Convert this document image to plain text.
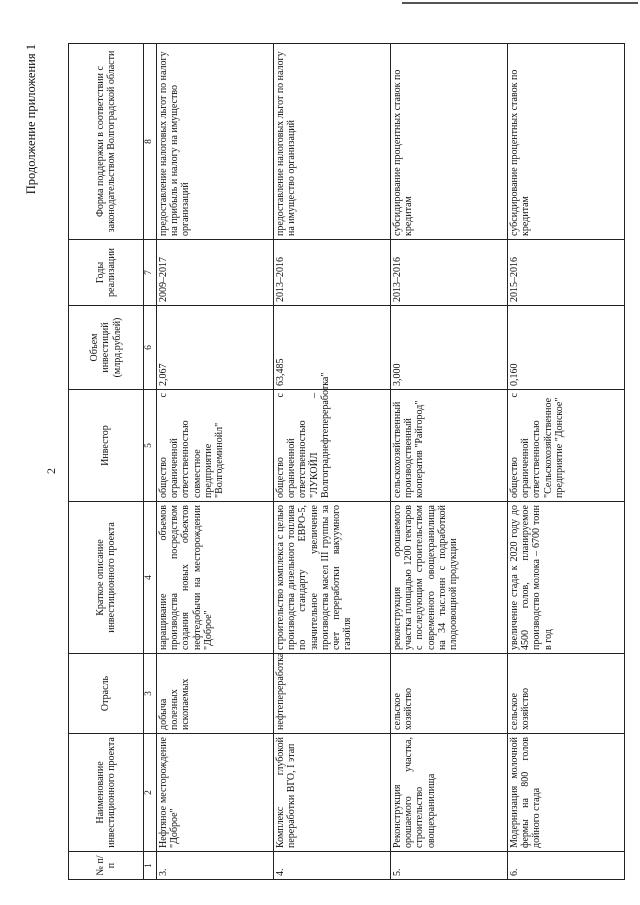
2
Продолжение приложения 1
№ п/п	Наименование инвестиционного проекта	Отрасль	Краткое описание инвестиционного проекта	Инвестор	Объем инвестиций (млрд.рублей)	Годы реализации	Форма поддержки в соответствии с законодательством Волгоградской области
1	2	3	4	5	6	7	8
3.	Нефтяное месторождение "Доброе"	добыча полезных ископаемых	наращивание объемов производства посредством создания новых объектов нефтедобычи на месторождении "Доброе"	общество с ограниченной ответственностью совместное предприятие "Волгодеминойл"	2,067	2009–2017	предоставление налоговых льгот по налогу на прибыль и налогу на имущество организаций
4.	Комплекс глубокой переработки ВГО, I этап	нефтепереработка	строительство комплекса с целью производства дизельного топлива по стандарту ЕВРО-5, значительное увеличение производства масел III группы за счет переработки вакуумного газойля	общество с ограниченной ответственностью "ЛУКОЙЛ – Волгограднефтепереработка"	63,485	2013–2016	предоставление налоговых льгот по налогу на имущество организаций
5.	Реконструкция орошаемого участка, строительство овощехранилища	сельское хозяйство	реконструкция орошаемого участка площадью 1200 гектаров с последующим строительством современного овощехранилища на 34 тыс.тонн с подработкой плодоовощной продукции	сельскохозяйственный производственный кооператив "Райгород"	3,000	2013–2016	субсидирование процентных ставок по кредитам
6.	Модернизация молочной фермы на 800 голов дойного стада	сельское хозяйство	увеличение стада к 2020 году до 4500 голов, планируемое производство молока – 6700 тонн в год	общество с ограниченной ответственностью "Сельскохозяйственное предприятие "Донское"	0,160	2015–2016	субсидирование процентных ставок по кредитам
